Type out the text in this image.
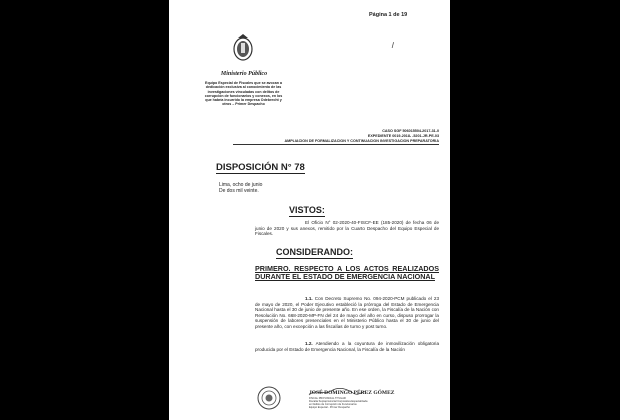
Página 1 de 19
ߊ
Ministerio Público
Equipo Especial de Fiscales que se avocan a
dedicación exclusiva al conocimiento de las
investigaciones vinculadas con delitos de
corrupción de funcionarios y conexos, en los
que habría incurrido la empresa Odebrecht y
otros – Primer Despacho
CASO SGF 506015504-2017-31-0
EXPEDIENTE 0019-2018- -5201-JR-PE-03
AMPLIACION DE FORMALIZACION Y CONTINUACION INVESTIGACION PREPARATORIA
DISPOSICIÓN N° 78
Lima, ocho de junio
De dos mil veinte.
VISTOS:
El Oficio N° 02-2020-40-FISCF-EE (185-2020) de fecha 06 de junio de 2020 y sus anexos, remitido por la Cuarto Despacho del Equipo Especial de Fiscales.
CONSIDERANDO:
PRIMERO. RESPECTO A LOS ACTOS REALIZADOS DURANTE EL ESTADO DE EMERGENCIA NACIONAL
1.1. Con Decreto Supremo No. 094-2020-PCM publicado el 23 de mayo de 2020, el Poder Ejecutivo estableció la prórroga del Estado de Emergencia Nacional hasta el 30 de junio de presente año. En ese orden, la Fiscalía de la Nación con Resolución No. 668-2020-MP-FN del 24 de mayo del año en curso, dispuso prorrogar la suspensión de labores presenciales en el Ministerio Público hasta el 30 de junio del presente año, con excepción a las fiscalías de turno y post turno.
1.2. Atendiendo a la coyuntura de inmovilización obligatoria producida por el Estado de Emergencia Nacional, la Fiscalía de la Nación
JOSÉ DOMINGO PÉREZ GÓMEZ
FISCAL PROVINCIAL TITULAR
Fiscalía Supraprovincial Corporativa Especializada
en Delitos de Corrupción de Funcionarios
Equipo Especial - Primer Despacho
